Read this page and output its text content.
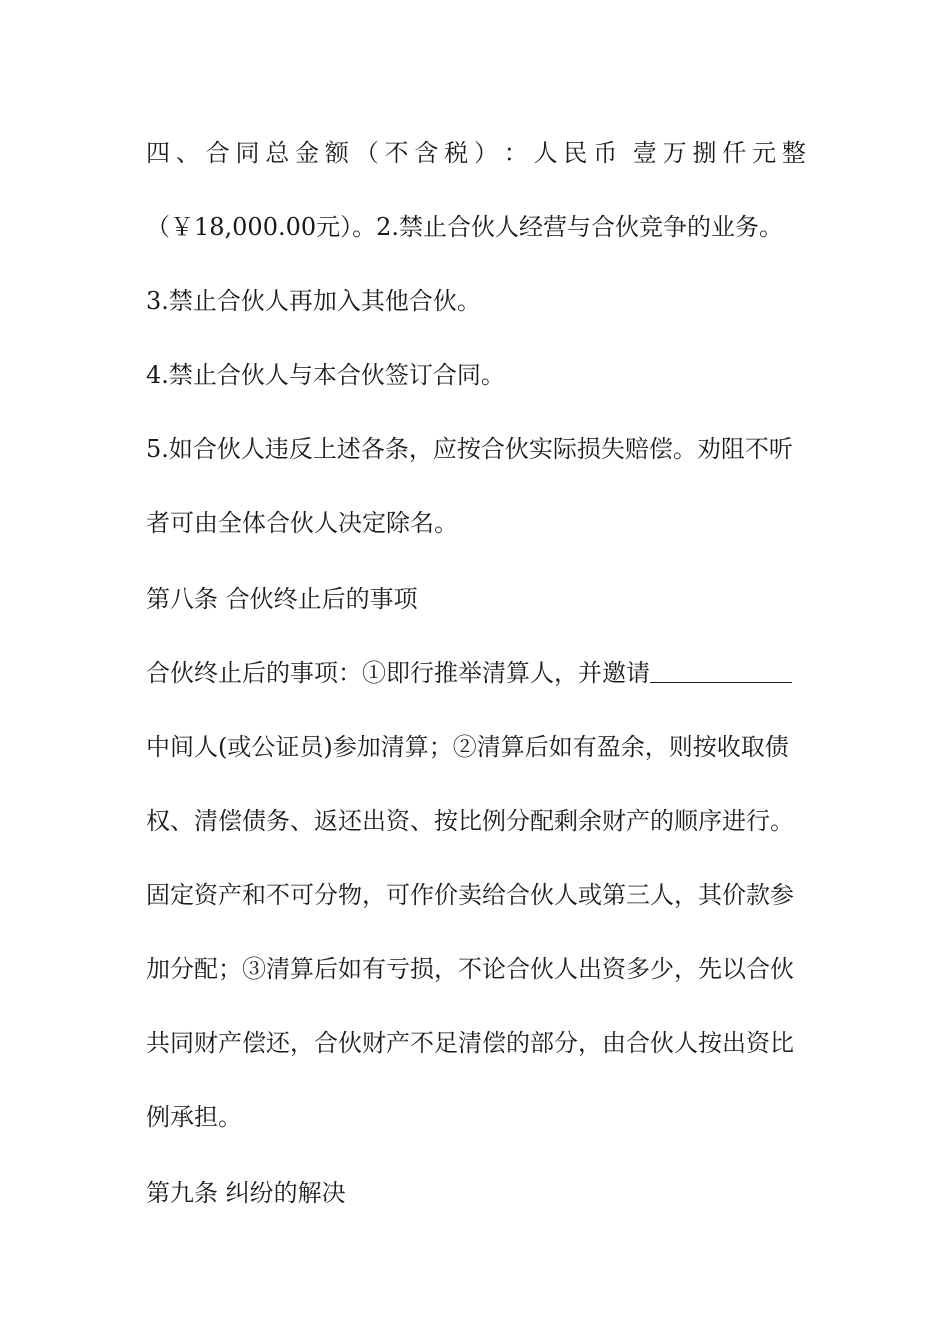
四 、 合 同 总 金 额 （ 不 含 税 ） ： 人 民 币 壹 万 捌 仟 元 整
（￥18,000.00元）。2.禁止合伙人经营与合伙竞争的业务。
3.禁止合伙人再加入其他合伙。
4.禁止合伙人与本合伙签订合同。
5.如合伙人违反上述各条，应按合伙实际损失赔偿。劝阻不听
者可由全体合伙人决定除名。
第八条 合伙终止后的事项
合伙终止后的事项：①即行推举清算人，并邀请
中间人(或公证员)参加清算；②清算后如有盈余，则按收取债
权、清偿债务、返还出资、按比例分配剩余财产的顺序进行。
固定资产和不可分物，可作价卖给合伙人或第三人，其价款参
加分配；③清算后如有亏损，不论合伙人出资多少，先以合伙
共同财产偿还，合伙财产不足清偿的部分，由合伙人按出资比
例承担。
第九条 纠纷的解决
